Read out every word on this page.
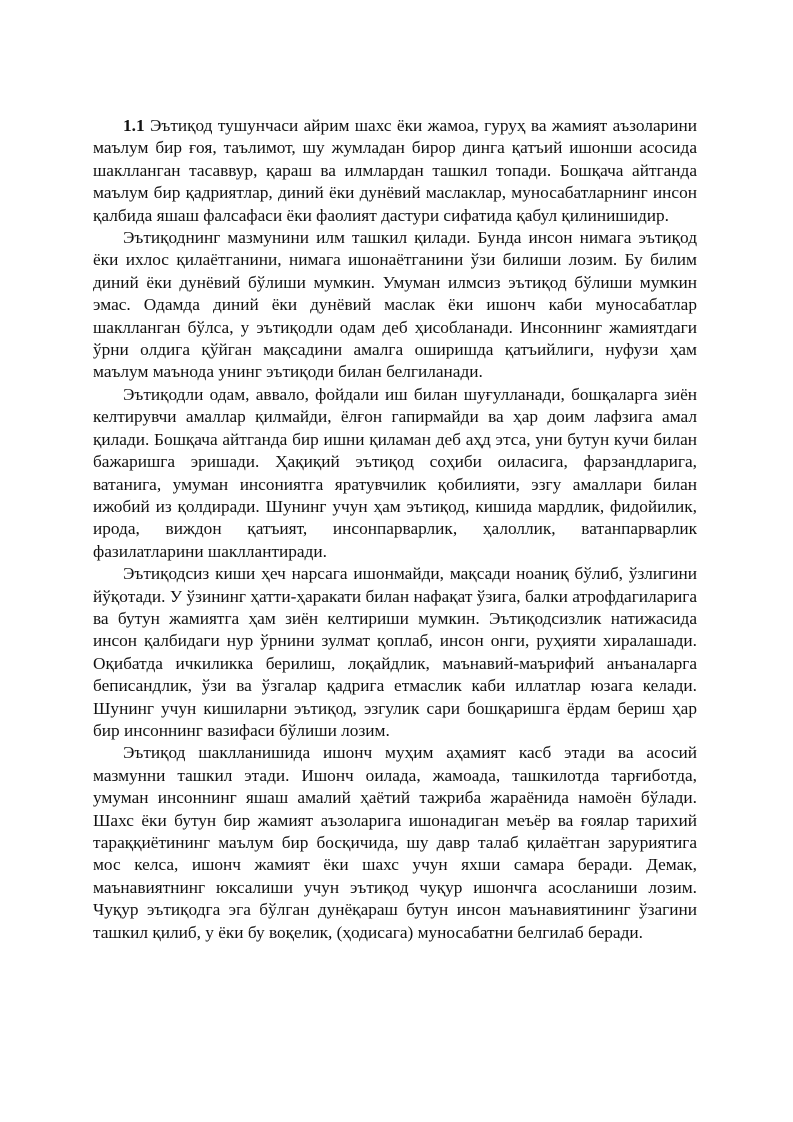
1.1 Эътиқод тушунчаси айрим шахс ёки жамоа, гуруҳ ва жамият аъзоларини маълум бир ғоя, таълимот, шу жумладан бирор динга қатъий ишонши асосида шаклланган тасаввур, қараш ва илмлардан ташкил топади. Бошқача айтганда маълум бир қадриятлар, диний ёки дунёвий маслаклар, муносабатларнинг инсон қалбида яшаш фалсафаси ёки фаолият дастури сифатида қабул қилинишидир.

Эътиқоднинг мазмунини илм ташкил қилади. Бунда инсон нимага эътиқод ёки ихлос қилаётганини, нимага ишонаётганини ўзи билиши лозим. Бу билим диний ёки дунёвий бўлиши мумкин. Умуман илмсиз эътиқод бўлиши мумкин эмас. Одамда диний ёки дунёвий маслак ёки ишонч каби муносабатлар шаклланган бўлса, у эътиқодли одам деб ҳисобланади. Инсоннинг жамиятдаги ўрни олдига қўйган мақсадини амалга оширишда қатъийлиги, нуфузи ҳам маълум маънода унинг эътиқоди билан белгиланади.

Эътиқодли одам, аввало, фойдали иш билан шуғулланади, бошқаларга зиён келтирувчи амаллар қилмайди, ёлғон гапирмайди ва ҳар доим лафзига амал қилади. Бошқача айтганда бир ишни қиламан деб аҳд этса, уни бутун кучи билан бажаришга эришади. Ҳақиқий эътиқод соҳиби оиласига, фарзандларига, ватанига, умуман инсониятга яратувчилик қобилияти, эзгу амаллари билан ижобий из қолдиради. Шунинг учун ҳам эътиқод, кишида мардлик, фидойилик, ирода, виждон қатъият, инсонпарварлик, ҳалоллик, ватанпарварлик фазилатларини шакллантиради.

Эътиқодсиз киши ҳеч нарсага ишонмайди, мақсади ноаниқ бўлиб, ўзлигини йўқотади. У ўзининг ҳатти-ҳаракати билан нафақат ўзига, балки атрофдагиларига ва бутун жамиятга ҳам зиён келтириши мумкин. Эътиқодсизлик натижасида инсон қалбидаги нур ўрнини зулмат қоплаб, инсон онги, руҳияти хиралашади. Оқибатда ичкиликка берилиш, лоқайдлик, маънавий-маърифий анъаналарга беписандлик, ўзи ва ўзгалар қадрига етмаслик каби иллатлар юзага келади. Шунинг учун кишиларни эътиқод, эзгулик сари бошқаришга ёрдам бериш ҳар бир инсоннинг вазифаси бўлиши лозим.

Эътиқод шаклланишида ишонч муҳим аҳамият касб этади ва асосий мазмунни ташкил этади. Ишонч оилада, жамоада, ташкилотда тарғиботда, умуман инсоннинг яшаш амалий ҳаётий тажриба жараёнида намоён бўлади. Шахс ёки бутун бир жамият аъзоларига ишонадиган меъёр ва ғоялар тарихий тараққиётининг маълум бир босқичида, шу давр талаб қилаётган заруриятига мос келса, ишонч жамият ёки шахс учун яхши самара беради. Демак, маънавиятнинг юксалиши учун эътиқод чуқур ишончга асосланиши лозим. Чуқур эътиқодга эга бўлган дунёқараш бутун инсон маънавиятининг ўзагини ташкил қилиб, у ёки бу воқелик, (ҳодисага) муносабатни белгилаб беради.
